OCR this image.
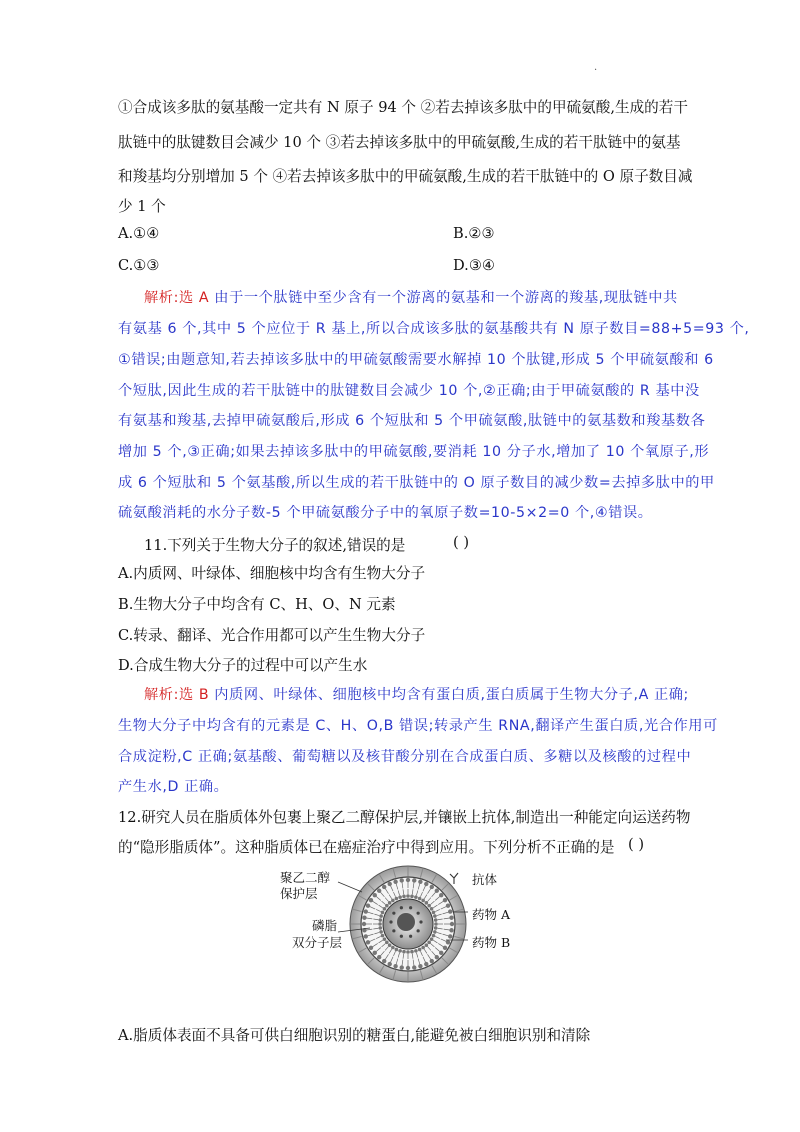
.
①合成该多肽的氨基酸一定共有 N 原子 94 个 ②若去掉该多肽中的甲硫氨酸,生成的若干
肽链中的肽键数目会减少 10 个 ③若去掉该多肽中的甲硫氨酸,生成的若干肽链中的氨基
和羧基均分别增加 5 个 ④若去掉该多肽中的甲硫氨酸,生成的若干肽链中的 O 原子数目减
少 1 个
A.①④	B.②③
C.①③	D.③④
解析:选 A 由于一个肽链中至少含有一个游离的氨基和一个游离的羧基,现肽链中共
有氨基 6 个,其中 5 个应位于 R 基上,所以合成该多肽的氨基酸共有 N 原子数目=88+5=93 个,
①错误;由题意知,若去掉该多肽中的甲硫氨酸需要水解掉 10 个肽键,形成 5 个甲硫氨酸和 6
个短肽,因此生成的若干肽链中的肽键数目会减少 10 个,②正确;由于甲硫氨酸的 R 基中没
有氨基和羧基,去掉甲硫氨酸后,形成 6 个短肽和 5 个甲硫氨酸,肽链中的氨基数和羧基数各
增加 5 个,③正确;如果去掉该多肽中的甲硫氨酸,要消耗 10 分子水,增加了 10 个氧原子,形
成 6 个短肽和 5 个氨基酸,所以生成的若干肽链中的 O 原子数目的减少数=去掉多肽中的甲
硫氨酸消耗的水分子数-5 个甲硫氨酸分子中的氧原子数=10-5×2=0 个,④错误。
11.下列关于生物大分子的叙述,错误的是	( )
A.内质网、叶绿体、细胞核中均含有生物大分子
B.生物大分子中均含有 C、H、O、N 元素
C.转录、翻译、光合作用都可以产生生物大分子
D.合成生物大分子的过程中可以产生水
解析:选 B 内质网、叶绿体、细胞核中均含有蛋白质,蛋白质属于生物大分子,A 正确;
生物大分子中均含有的元素是 C、H、O,B 错误;转录产生 RNA,翻译产生蛋白质,光合作用可
合成淀粉,C 正确;氨基酸、葡萄糖以及核苷酸分别在合成蛋白质、多糖以及核酸的过程中
产生水,D 正确。
12.研究人员在脂质体外包裹上聚乙二醇保护层,并镶嵌上抗体,制造出一种能定向运送药物
的“隐形脂质体”。这种脂质体已在癌症治疗中得到应用。下列分析不正确的是 ( )
聚乙二醇
保护层
磷脂
双分子层
抗体
药物 A
药物 B
A.脂质体表面不具备可供白细胞识别的糖蛋白,能避免被白细胞识别和清除
